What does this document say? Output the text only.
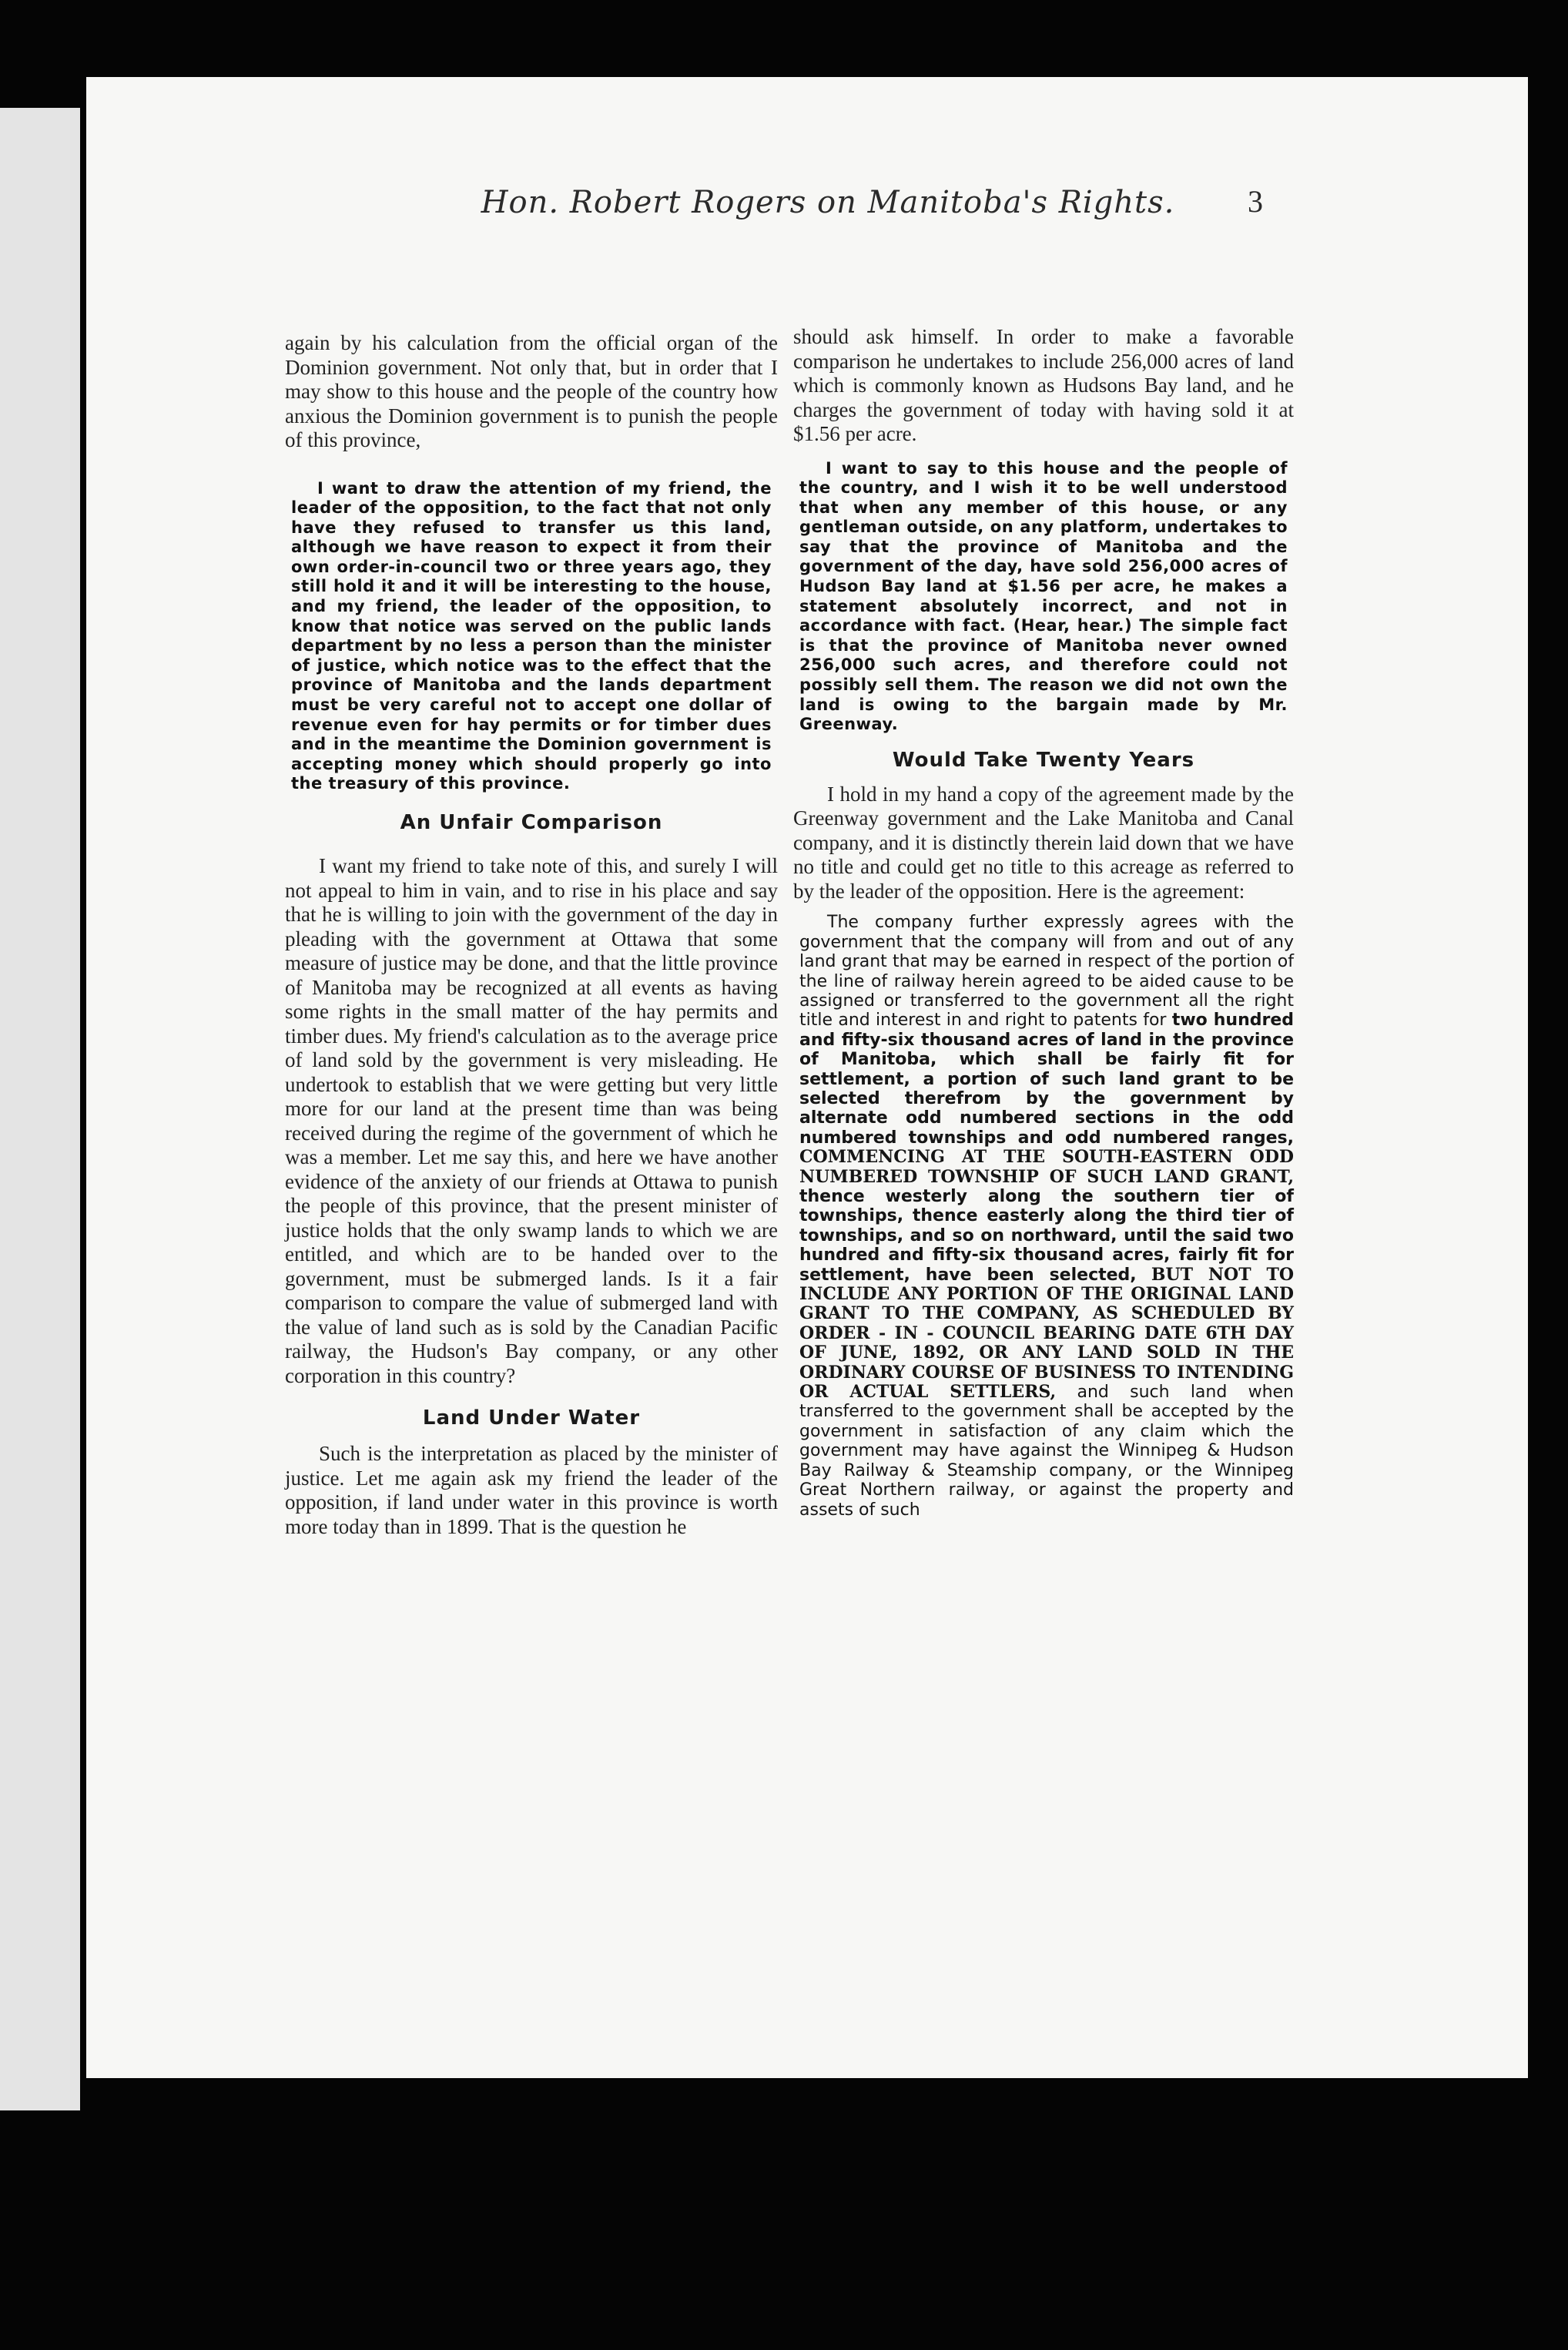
Hon. Robert Rogers on Manitoba's Rights.	3

again by his calculation from the official organ of the Dominion government. Not only that, but in order that I may show to this house and the people of the country how anxious the Dominion government is to punish the people of this province,

I want to draw the attention of my friend, the leader of the opposition, to the fact that not only have they refused to transfer us this land, although we have reason to expect it from their own order-in-council two or three years ago, they still hold it and it will be interesting to the house, and my friend, the leader of the opposition, to know that notice was served on the public lands department by no less a person than the minister of justice, which notice was to the effect that the province of Manitoba and the lands department must be very careful not to accept one dollar of revenue even for hay permits or for timber dues and in the meantime the Dominion government is accepting money which should properly go into the treasury of this province.

An Unfair Comparison

I want my friend to take note of this, and surely I will not appeal to him in vain, and to rise in his place and say that he is willing to join with the government of the day in pleading with the government at Ottawa that some measure of justice may be done, and that the little province of Manitoba may be recognized at all events as having some rights in the small matter of the hay permits and timber dues. My friend's calculation as to the average price of land sold by the government is very misleading. He undertook to establish that we were getting but very little more for our land at the present time than was being received during the regime of the government of which he was a member. Let me say this, and here we have another evidence of the anxiety of our friends at Ottawa to punish the people of this province, that the present minister of justice holds that the only swamp lands to which we are entitled, and which are to be handed over to the government, must be submerged lands. Is it a fair comparison to compare the value of submerged land with the value of land such as is sold by the Canadian Pacific railway, the Hudson's Bay company, or any other corporation in this country?

Land Under Water

Such is the interpretation as placed by the minister of justice. Let me again ask my friend the leader of the opposition, if land under water in this province is worth more today than in 1899. That is the question he

should ask himself. In order to make a favorable comparison he undertakes to include 256,000 acres of land which is commonly known as Hudsons Bay land, and he charges the government of today with having sold it at $1.56 per acre.

I want to say to this house and the people of the country, and I wish it to be well understood that when any member of this house, or any gentleman outside, on any platform, undertakes to say that the province of Manitoba and the government of the day, have sold 256,000 acres of Hudson Bay land at $1.56 per acre, he makes a statement absolutely incorrect, and not in accordance with fact. (Hear, hear.) The simple fact is that the province of Manitoba never owned 256,000 such acres, and therefore could not possibly sell them. The reason we did not own the land is owing to the bargain made by Mr. Greenway.

Would Take Twenty Years

I hold in my hand a copy of the agreement made by the Greenway government and the Lake Manitoba and Canal company, and it is distinctly therein laid down that we have no title and could get no title to this acreage as referred to by the leader of the opposition. Here is the agreement:

The company further expressly agrees with the government that the company will from and out of any land grant that may be earned in respect of the portion of the line of railway herein agreed to be aided cause to be assigned or transferred to the government all the right title and interest in and right to patents for two hundred and fifty-six thousand acres of land in the province of Manitoba, which shall be fairly fit for settlement, a portion of such land grant to be selected therefrom by the government by alternate odd numbered sections in the odd numbered townships and odd numbered ranges, COMMENCING AT THE SOUTH-EASTERN ODD NUMBERED TOWNSHIP OF SUCH LAND GRANT, thence westerly along the southern tier of townships, thence easterly along the third tier of townships, and so on northward, until the said two hundred and fifty-six thousand acres, fairly fit for settlement, have been selected, BUT NOT TO INCLUDE ANY PORTION OF THE ORIGINAL LAND GRANT TO THE COMPANY, AS SCHEDULED BY ORDER - IN - COUNCIL BEARING DATE 6TH DAY OF JUNE, 1892, OR ANY LAND SOLD IN THE ORDINARY COURSE OF BUSINESS TO INTENDING OR ACTUAL SETTLERS, and such land when transferred to the government shall be accepted by the government in satisfaction of any claim which the government may have against the Winnipeg & Hudson Bay Railway & Steamship company, or the Winnipeg Great Northern railway, or against the property and assets of such
